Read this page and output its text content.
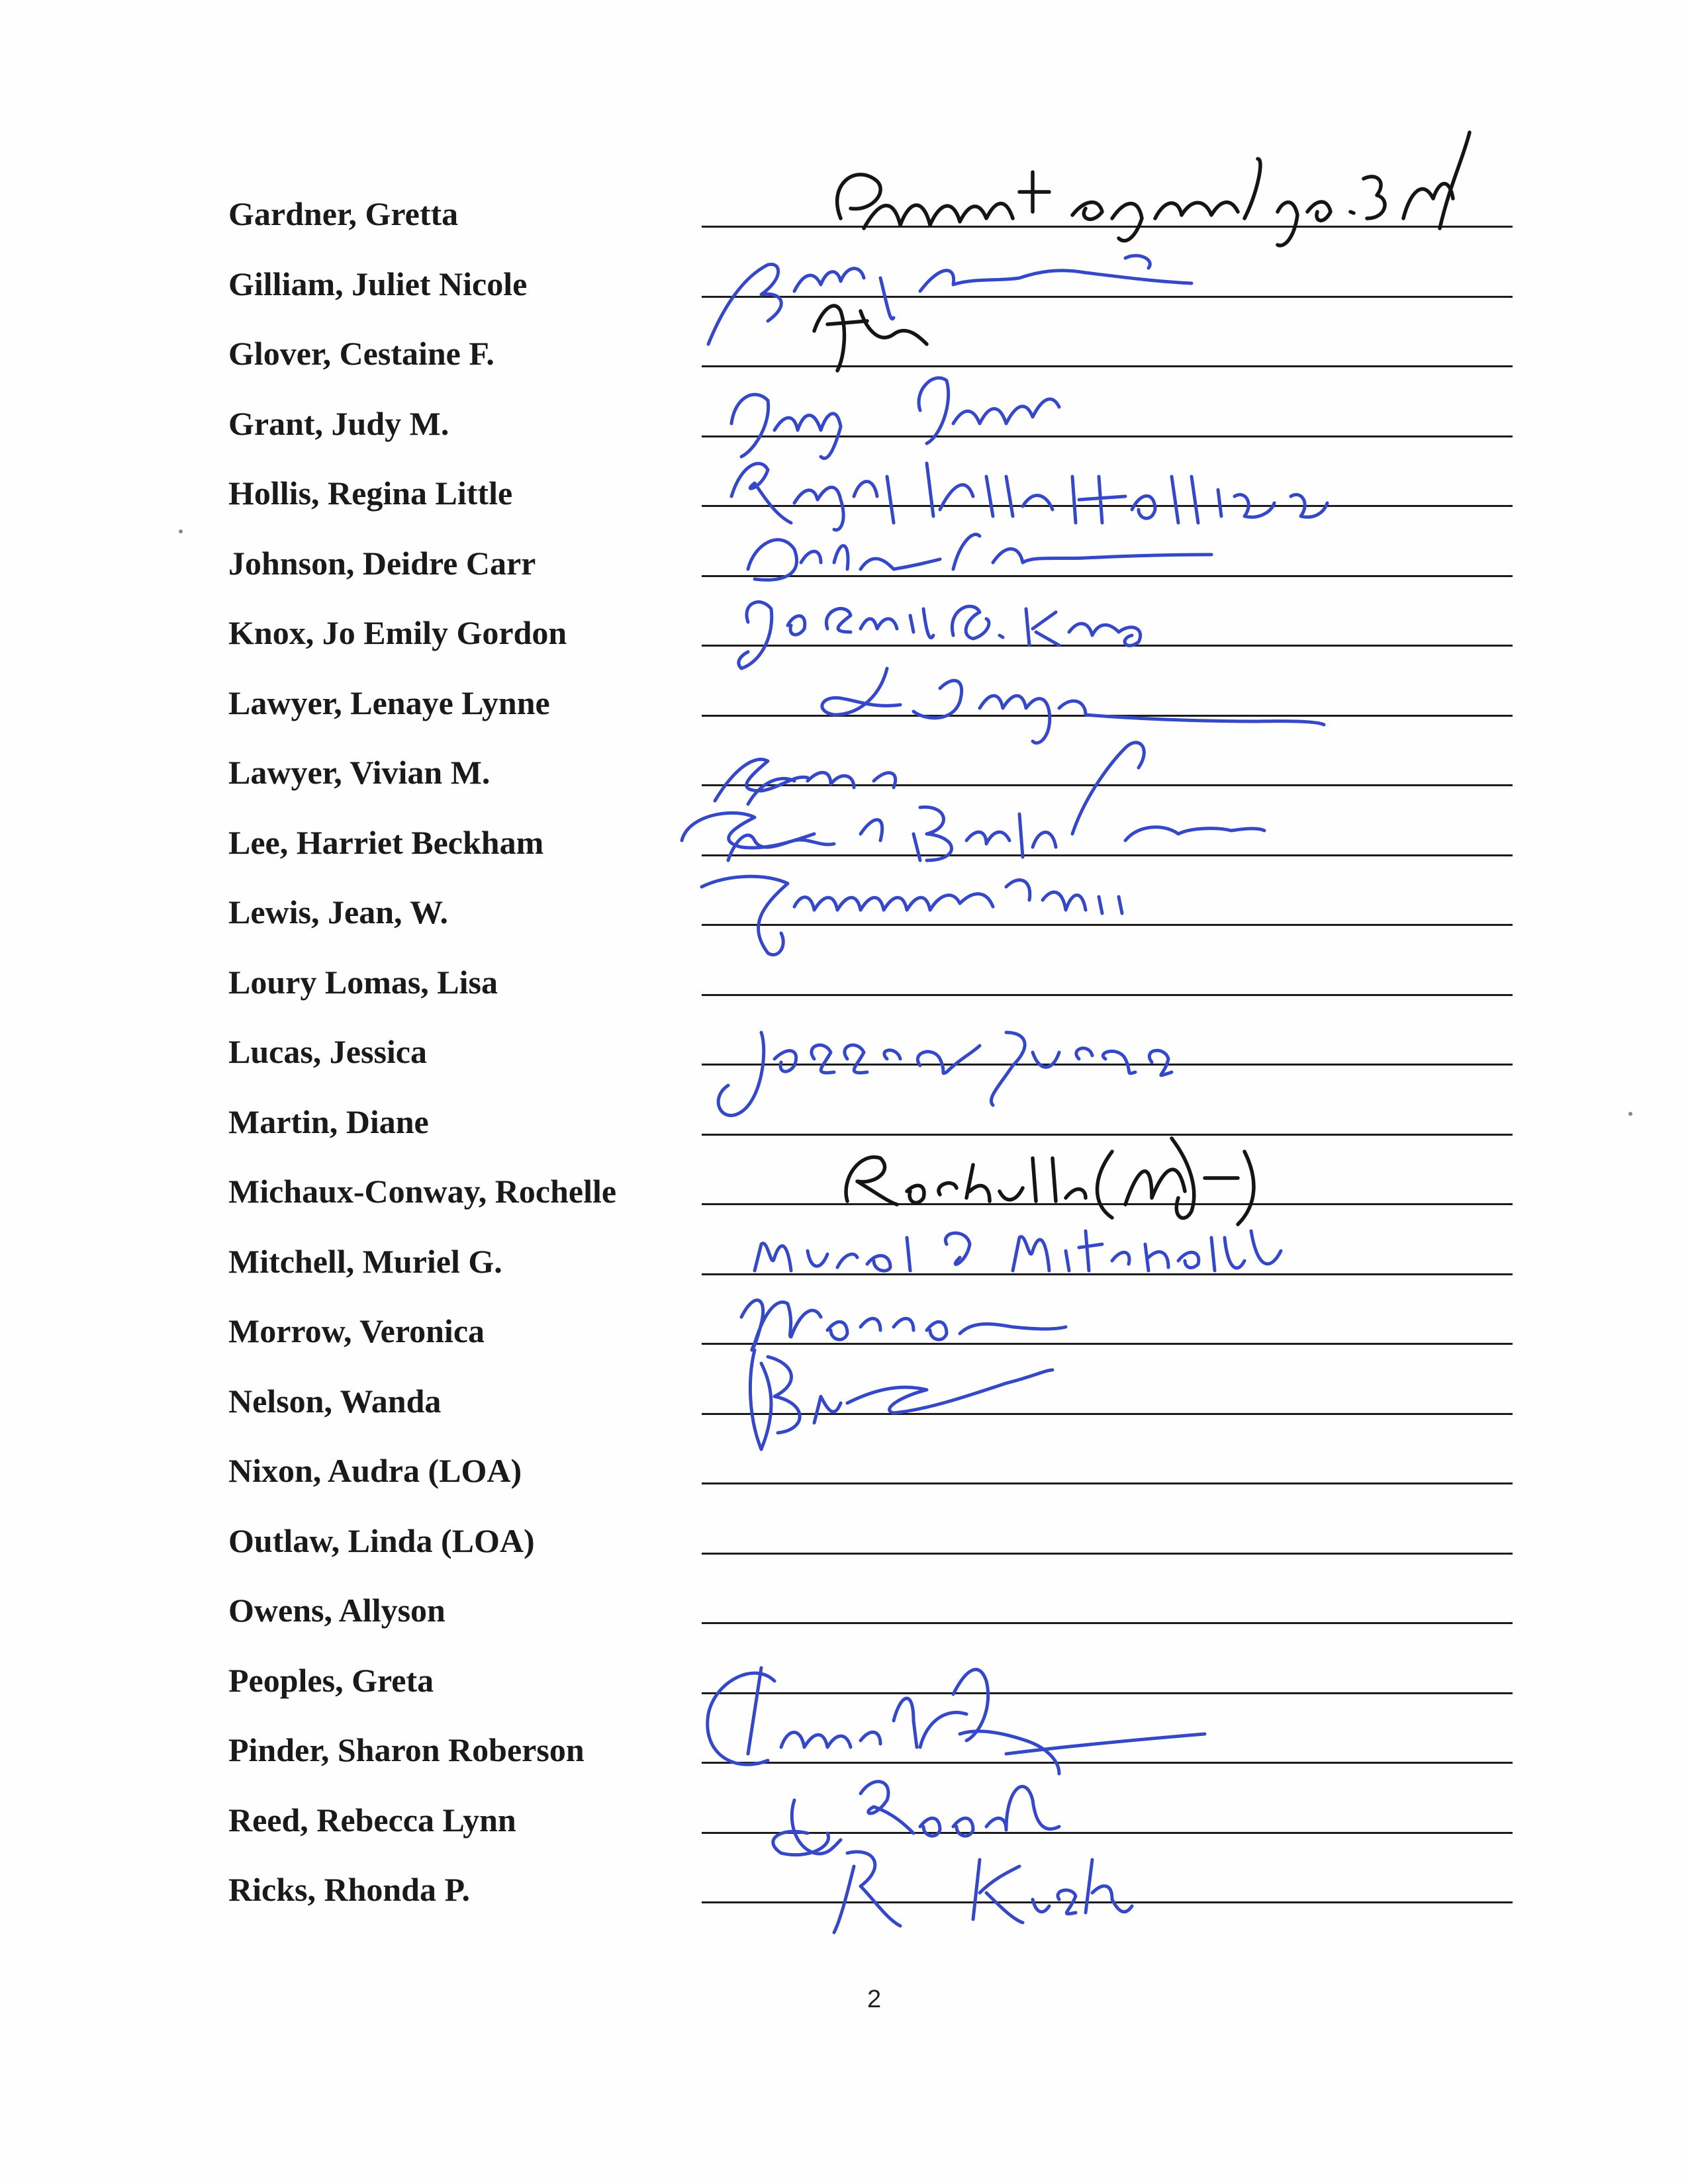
Gardner, Gretta
Gilliam, Juliet Nicole
Glover, Cestaine F.
Grant, Judy M.
Hollis, Regina Little
Johnson, Deidre Carr
Knox, Jo Emily Gordon
Lawyer, Lenaye Lynne
Lawyer, Vivian M.
Lee, Harriet Beckham
Lewis, Jean, W.
Loury Lomas, Lisa
Lucas, Jessica
Martin, Diane
Michaux-Conway, Rochelle
Mitchell, Muriel G.
Morrow, Veronica
Nelson, Wanda
Nixon, Audra (LOA)
Outlaw, Linda (LOA)
Owens, Allyson
Peoples, Greta
Pinder, Sharon Roberson
Reed, Rebecca Lynn
Ricks, Rhonda P.
2
